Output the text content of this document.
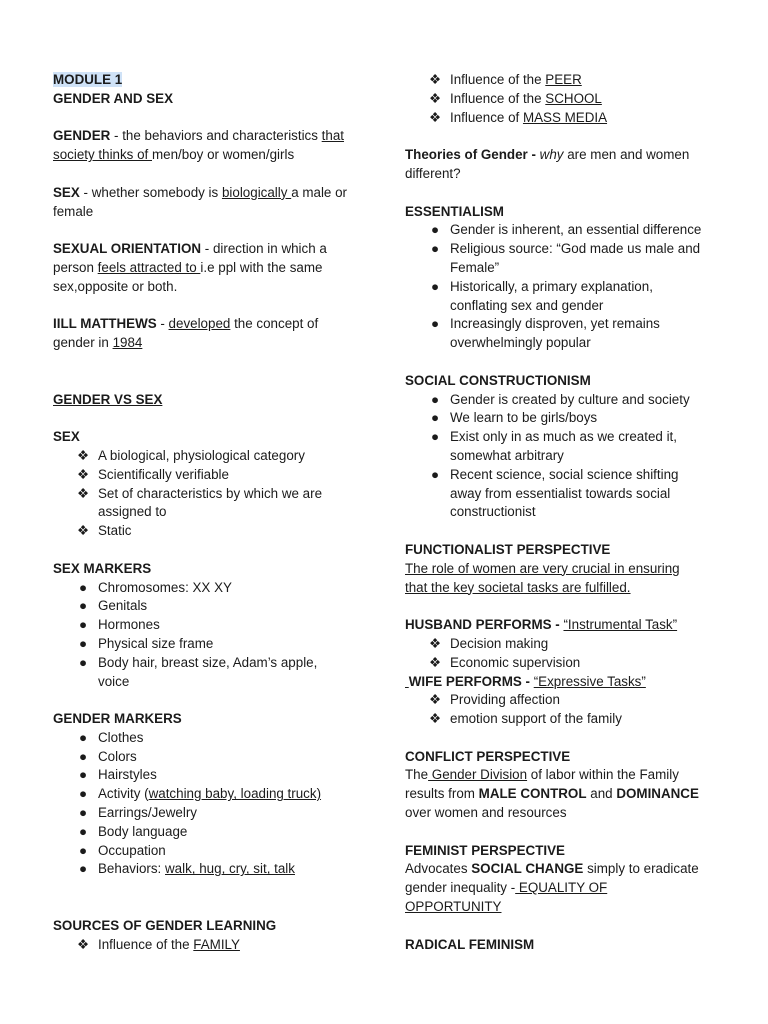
MODULE 1
GENDER AND SEX
GENDER - the behaviors and characteristics that
society thinks of men/boy or women/girls
SEX - whether somebody is biologically a male or
female
SEXUAL ORIENTATION - direction in which a
person feels attracted to i.e ppl with the same
sex,opposite or both.
IILL MATTHEWS - developed the concept of
gender in 1984
GENDER VS SEX
SEX
❖ A biological, physiological category
❖ Scientifically verifiable
❖ Set of characteristics by which we are
assigned to
❖ Static
SEX MARKERS
● Chromosomes: XX XY
● Genitals
● Hormones
● Physical size frame
● Body hair, breast size, Adam’s apple,
voice
GENDER MARKERS
● Clothes
● Colors
● Hairstyles
● Activity (watching baby, loading truck)
● Earrings/Jewelry
● Body language
● Occupation
● Behaviors: walk, hug, cry, sit, talk
SOURCES OF GENDER LEARNING
❖ Influence of the FAMILY
❖ Influence of the PEER
❖ Influence of the SCHOOL
❖ Influence of MASS MEDIA
Theories of Gender - why are men and women
different?
ESSENTIALISM
● Gender is inherent, an essential difference
● Religious source: “God made us male and
Female”
● Historically, a primary explanation,
conflating sex and gender
● Increasingly disproven, yet remains
overwhelmingly popular
SOCIAL CONSTRUCTIONISM
● Gender is created by culture and society
● We learn to be girls/boys
● Exist only in as much as we created it,
somewhat arbitrary
● Recent science, social science shifting
away from essentialist towards social
constructionist
FUNCTIONALIST PERSPECTIVE
The role of women are very crucial in ensuring
that the key societal tasks are fulfilled.
HUSBAND PERFORMS - “Instrumental Task”
❖ Decision making
❖ Economic supervision
WIFE PERFORMS - “Expressive Tasks”
❖ Providing affection
❖ emotion support of the family
CONFLICT PERSPECTIVE
The Gender Division of labor within the Family
results from MALE CONTROL and DOMINANCE
over women and resources
FEMINIST PERSPECTIVE
Advocates SOCIAL CHANGE simply to eradicate
gender inequality - EQUALITY OF
OPPORTUNITY
RADICAL FEMINISM
